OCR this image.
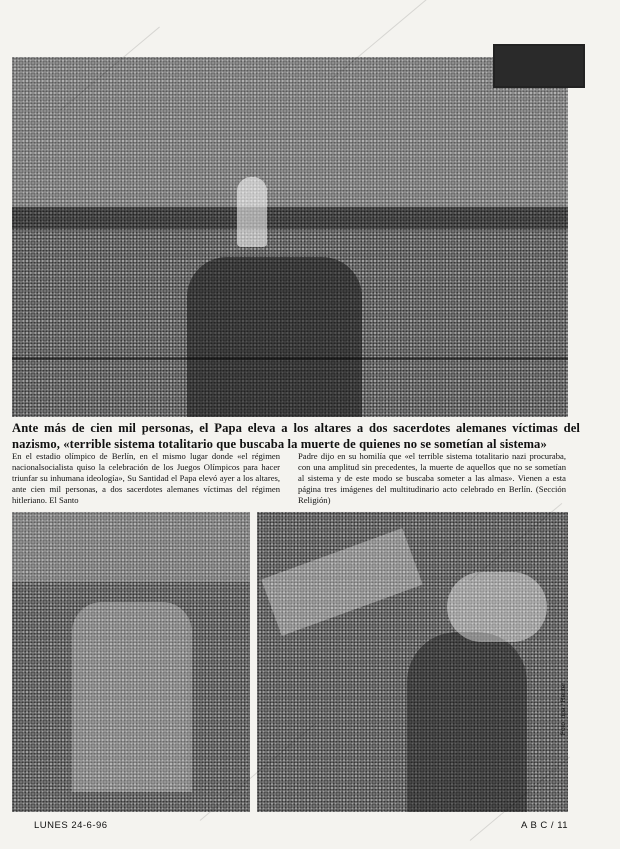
Ante más de cien mil personas, el Papa eleva a los altares a dos sacerdotes alemanes víctimas del nazismo, «terrible sistema totalitario que buscaba la muerte de quienes no se sometían al sistema»
En el estadio olímpico de Berlín, en el mismo lugar donde «el régimen nacionalsocialista quiso la celebración de los Juegos Olímpicos para hacer triunfar su inhumana ideología», Su Santidad el Papa elevó ayer a los altares, ante cien mil personas, a dos sacerdotes alemanes víctimas del régimen hitleriano. El Santo
Padre dijo en su homilía que «el terrible sistema totalitario nazi procuraba, con una amplitud sin precedentes, la muerte de aquellos que no se sometían al sistema y de este modo se buscaba someter a las almas». Vienen a esta página tres imágenes del multitudinario acto celebrado en Berlín. (Sección Religión)
Foto: dpa / Reuter
LUNES 24-6-96	A B C / 11
